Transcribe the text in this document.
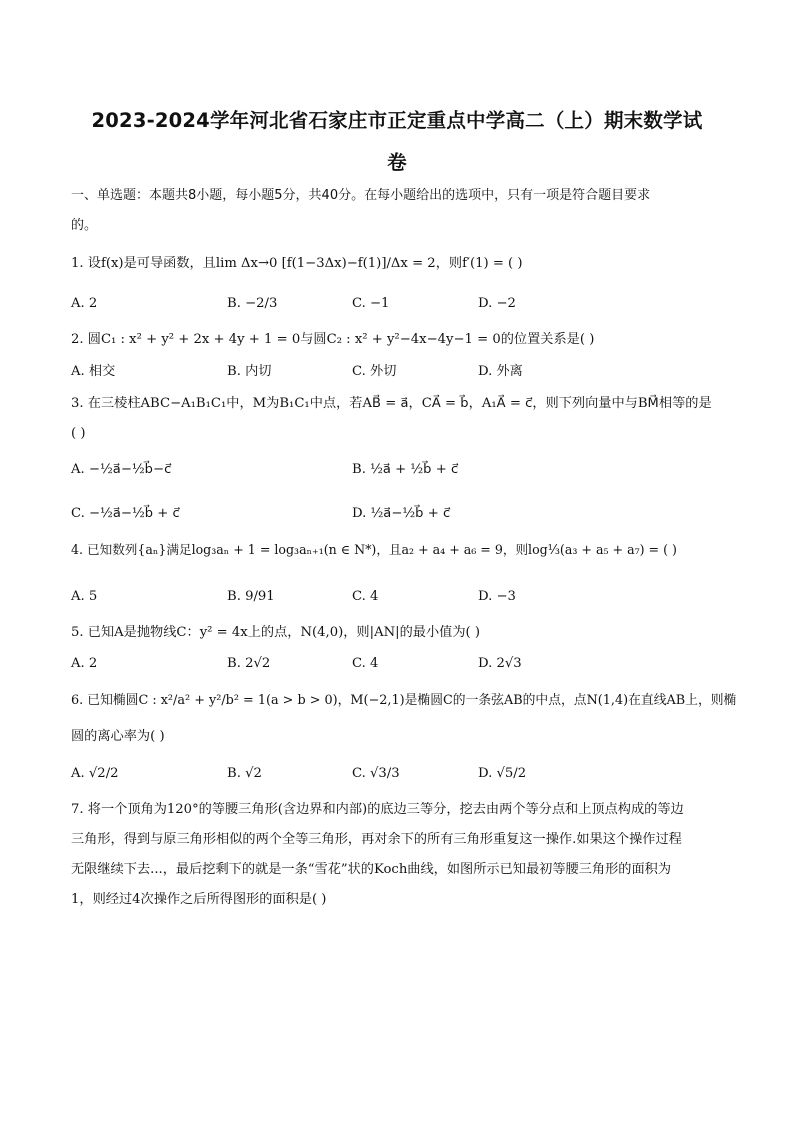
2023-2024学年河北省石家庄市正定重点中学高二（上）期末数学试
卷
一、单选题：本题共8小题，每小题5分，共40分。在每小题给出的选项中，只有一项是符合题目要求
的。
1. 设f(x)是可导函数，且lim Δx→0 [f(1−3Δx)−f(1)]/Δx = 2，则f′(1) = ( )
A. 2	B. −2/3	C. −1	D. −2
2. 圆C₁ : x² + y² + 2x + 4y + 1 = 0与圆C₂ : x² + y²−4x−4y−1 = 0的位置关系是( )
A. 相交	B. 内切	C. 外切	D. 外离
3. 在三棱柱ABC−A₁B₁C₁中，M为B₁C₁中点，若AB⃗ = a⃗，CA⃗ = b⃗，A₁A⃗ = c⃗，则下列向量中与BM⃗相等的是
( )
A. −½a⃗−½b⃗−c⃗	B. ½a⃗ + ½b⃗ + c⃗
C. −½a⃗−½b⃗ + c⃗	D. ½a⃗−½b⃗ + c⃗
4. 已知数列{aₙ}满足log₃aₙ + 1 = log₃aₙ₊₁(n ∈ N*)，且a₂ + a₄ + a₆ = 9，则log⅓(a₃ + a₅ + a₇) = ( )
A. 5	B. 9/91	C. 4	D. −3
5. 已知A是抛物线C：y² = 4x上的点，N(4,0)，则|AN|的最小值为( )
A. 2	B. 2√2	C. 4	D. 2√3
6. 已知椭圆C : x²/a² + y²/b² = 1(a > b > 0)，M(−2,1)是椭圆C的一条弦AB的中点，点N(1,4)在直线AB上，则椭
圆的离心率为( )
A. √2/2	B. √2	C. √3/3	D. √5/2
7. 将一个顶角为120°的等腰三角形(含边界和内部)的底边三等分，挖去由两个等分点和上顶点构成的等边
三角形，得到与原三角形相似的两个全等三角形，再对余下的所有三角形重复这一操作.如果这个操作过程
无限继续下去...，最后挖剩下的就是一条“雪花”状的Koch曲线，如图所示已知最初等腰三角形的面积为
1，则经过4次操作之后所得图形的面积是( )
